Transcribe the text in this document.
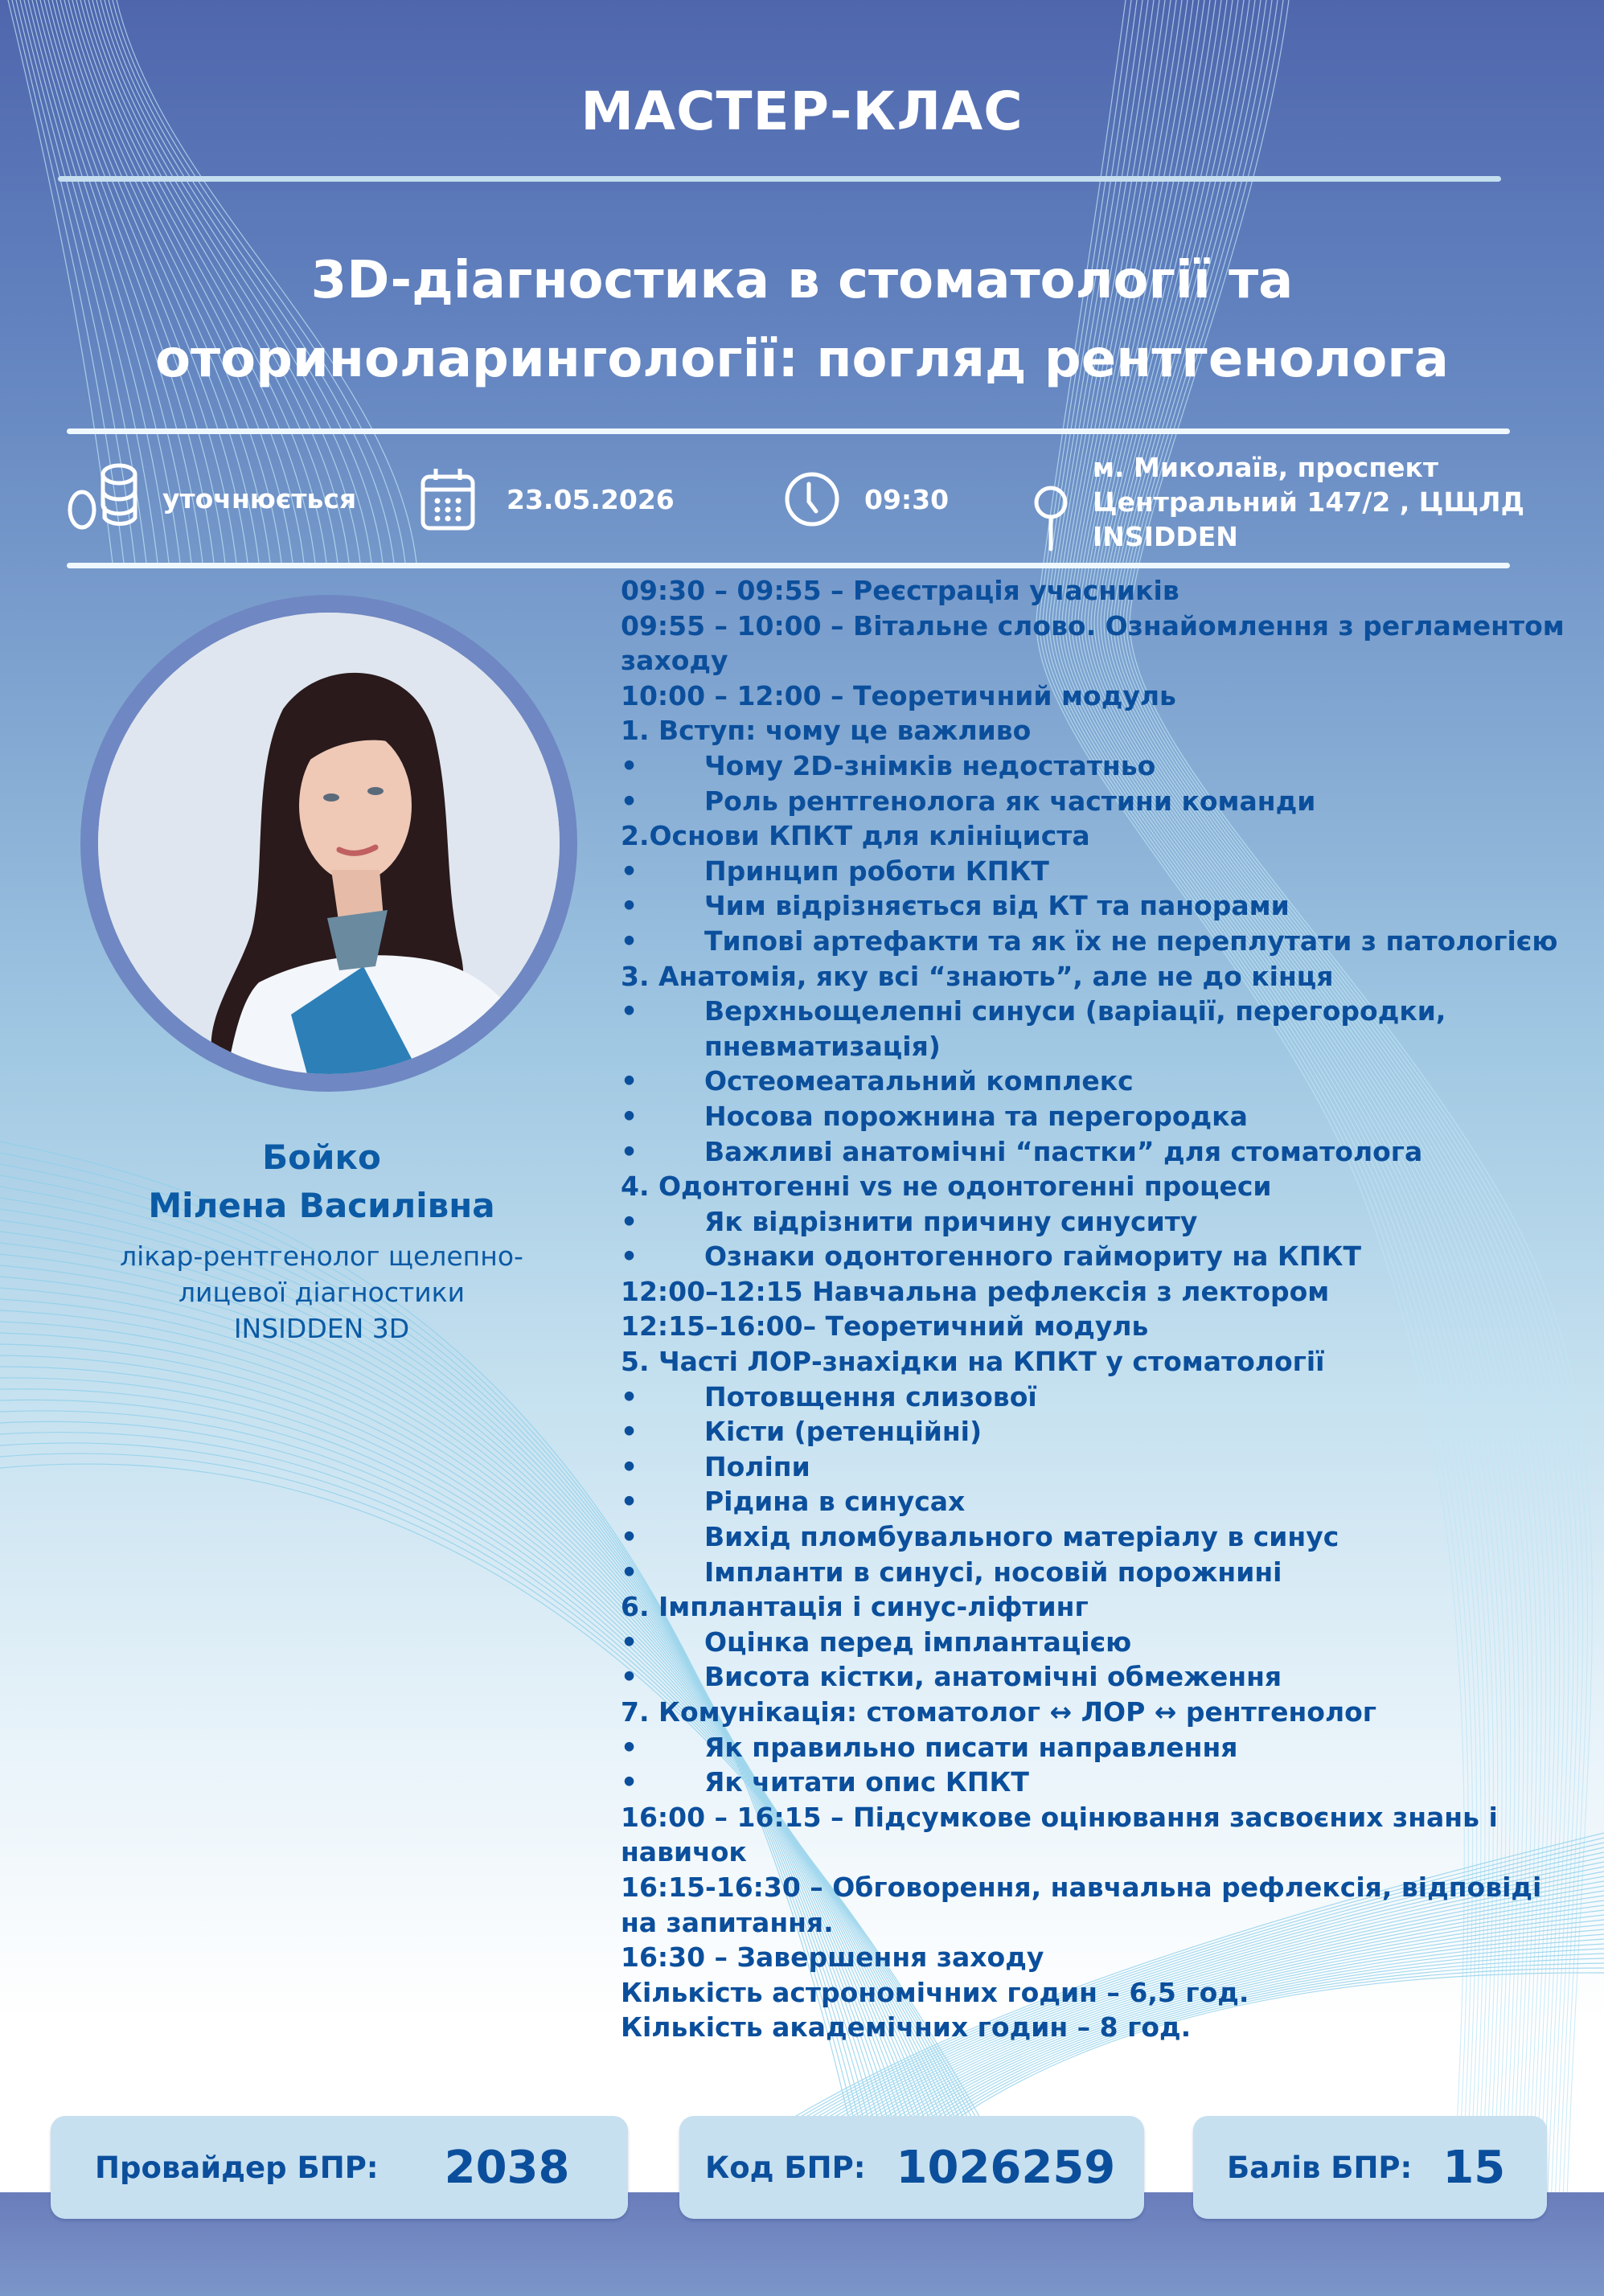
МАСТЕР-КЛАС
3D-діагностика в стоматології та
оториноларингології: погляд рентгенолога
уточнюється	23.05.2026	09:30
м. Миколаїв, проспект
Центральний 147/2 , ЦЩЛД
INSIDDEN
Бойко
Мілена Василівна
лікар-рентгенолог щелепно-
лицевої діагностики
INSIDDEN 3D
09:30 – 09:55 – Реєстрація учасників
09:55 – 10:00 – Вітальне слово. Ознайомлення з регламентом заходу
10:00 – 12:00 – Теоретичний модуль
1. Вступ: чому це важливо
•	Чому 2D-знімків недостатньо
•	Роль рентгенолога як частини команди
2.Основи КПКТ для клініциста
•	Принцип роботи КПКТ
•	Чим відрізняється від КТ та панорами
•	Типові артефакти та як їх не переплутати з патологією
3. Анатомія, яку всі “знають”, але не до кінця
•	Верхньощелепні синуси (варіації, перегородки, пневматизація)
•	Остеомеатальний комплекс
•	Носова порожнина та перегородка
•	Важливі анатомічні “пастки” для стоматолога
4. Одонтогенні vs не одонтогенні процеси
•	Як відрізнити причину синуситу
•	Ознаки одонтогенного гаймориту на КПКТ
12:00–12:15 Навчальна рефлексія з лектором
12:15–16:00– Теоретичний модуль
5. Часті ЛОР-знахідки на КПКТ у стоматології
•	Потовщення слизової
•	Кісти (ретенційні)
•	Поліпи
•	Рідина в синусах
•	Вихід пломбувального матеріалу в синус
•	Імпланти в синусі, носовій порожнині
6. Імплантація і синус-ліфтинг
•	Оцінка перед імплантацією
•	Висота кістки, анатомічні обмеження
7. Комунікація: стоматолог ↔ ЛОР ↔ рентгенолог
•	Як правильно писати направлення
•	Як читати опис КПКТ
16:00 – 16:15 – Підсумкове оцінювання засвоєних знань і навичок
16:15-16:30 – Обговорення, навчальна рефлексія, відповіді на запитання.
16:30 – Завершення заходу
Кількість астрономічних годин – 6,5 год.
Кількість академічних годин – 8 год.
Провайдер БПР: 2038	Код БПР: 1026259	Балів БПР: 15
